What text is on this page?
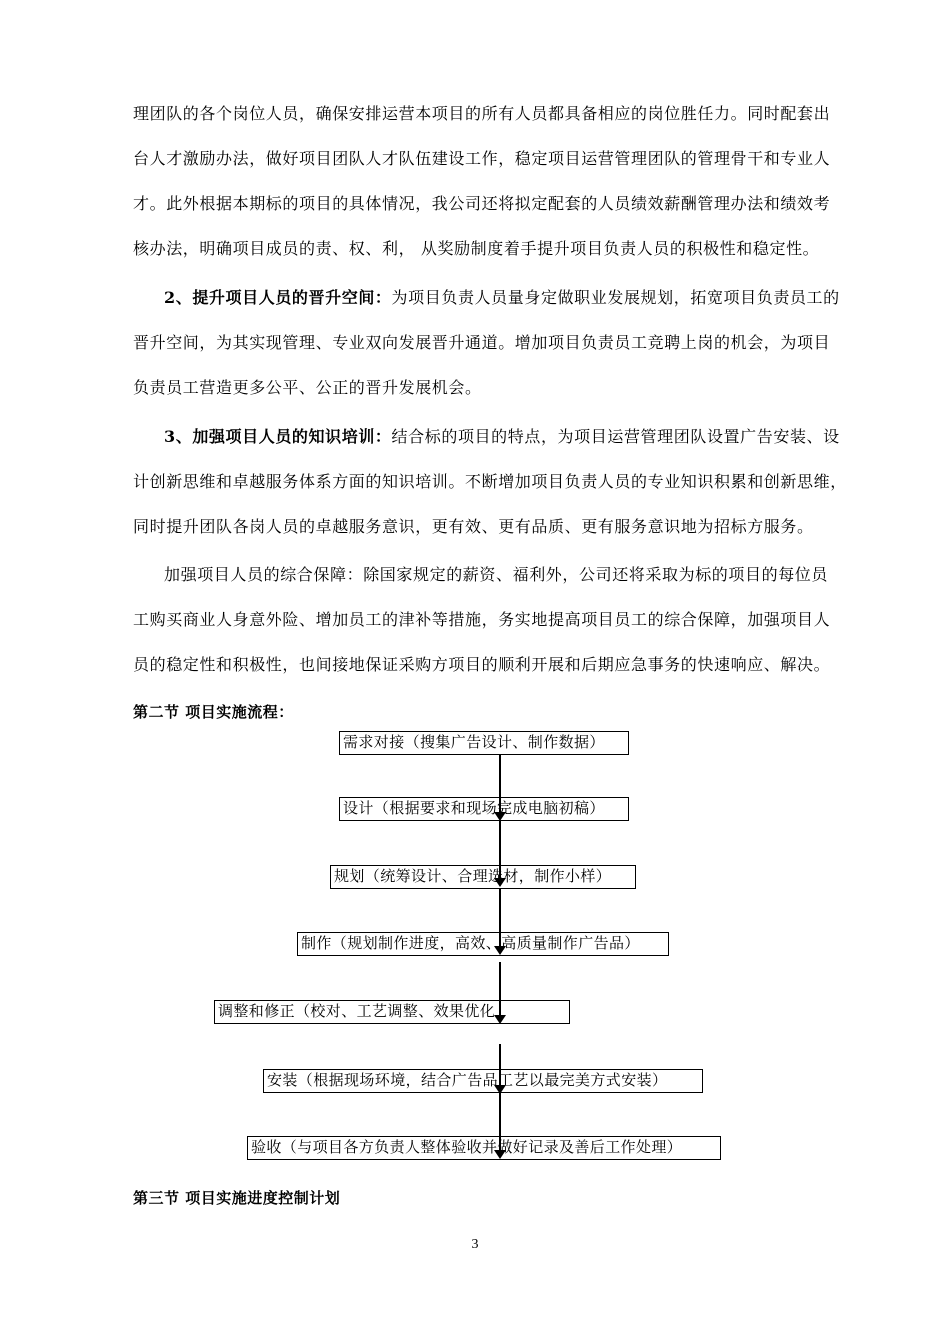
理团队的各个岗位人员，确保安排运营本项目的所有人员都具备相应的岗位胜任力。同时配套出
台人才激励办法，做好项目团队人才队伍建设工作，稳定项目运营管理团队的管理骨干和专业人
才。此外根据本期标的项目的具体情况，我公司还将拟定配套的人员绩效薪酬管理办法和绩效考
核办法，明确项目成员的责、权、利， 从奖励制度着手提升项目负责人员的积极性和稳定性。
2、提升项目人员的晋升空间：为项目负责人员量身定做职业发展规划，拓宽项目负责员工的
晋升空间，为其实现管理、专业双向发展晋升通道。增加项目负责员工竞聘上岗的机会，为项目
负责员工营造更多公平、公正的晋升发展机会。
3、加强项目人员的知识培训：结合标的项目的特点，为项目运营管理团队设置广告安装、设
计创新思维和卓越服务体系方面的知识培训。不断增加项目负责人员的专业知识积累和创新思维，
同时提升团队各岗人员的卓越服务意识，更有效、更有品质、更有服务意识地为招标方服务。
加强项目人员的综合保障：除国家规定的薪资、福利外，公司还将采取为标的项目的每位员
工购买商业人身意外险、增加员工的津补等措施，务实地提高项目员工的综合保障，加强项目人
员的稳定性和积极性，也间接地保证采购方项目的顺利开展和后期应急事务的快速响应、解决。
第二节 项目实施流程：
需求对接（搜集广告设计、制作数据）
设计（根据要求和现场完成电脑初稿）
规划（统筹设计、合理选材，制作小样）
制作（规划制作进度，高效、高质量制作广告品）
调整和修正（校对、工艺调整、效果优化
安装（根据现场环境，结合广告品工艺以最完美方式安装）
验收（与项目各方负责人整体验收并做好记录及善后工作处理）
第三节 项目实施进度控制计划
3
